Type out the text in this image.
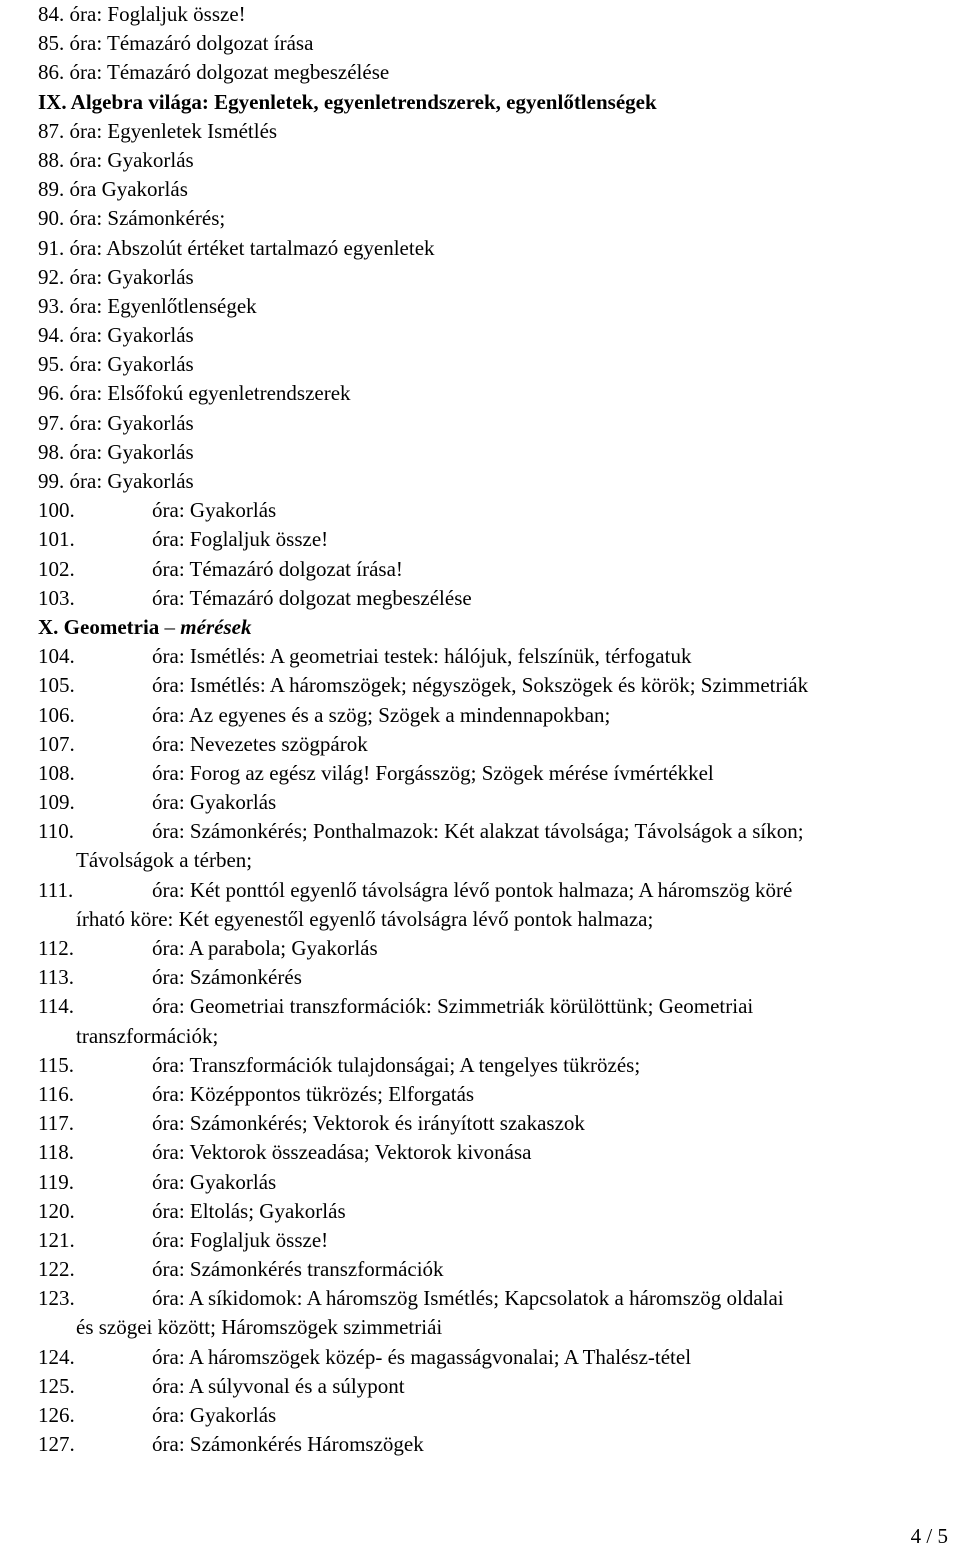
84. óra: Foglaljuk össze!
85. óra: Témazáró dolgozat írása
86. óra: Témazáró dolgozat megbeszélése
IX. Algebra világa: Egyenletek, egyenletrendszerek, egyenlőtlenségek
87. óra: Egyenletek Ismétlés
88. óra: Gyakorlás
89. óra Gyakorlás
90. óra: Számonkérés;
91. óra: Abszolút értéket tartalmazó egyenletek
92. óra: Gyakorlás
93. óra: Egyenlőtlenségek
94. óra: Gyakorlás
95. óra: Gyakorlás
96. óra: Elsőfokú egyenletrendszerek
97. óra: Gyakorlás
98. óra: Gyakorlás
99. óra: Gyakorlás
100.	óra: Gyakorlás
101.	óra: Foglaljuk össze!
102.	óra: Témazáró dolgozat írása!
103.	óra: Témazáró dolgozat megbeszélése
X. Geometria – mérések
104.	óra: Ismétlés: A geometriai testek: hálójuk, felszínük, térfogatuk
105.	óra: Ismétlés: A háromszögek; négyszögek, Sokszögek és körök; Szimmetriák
106.	óra: Az egyenes és a szög; Szögek a mindennapokban;
107.	óra: Nevezetes szögpárok
108.	óra: Forog az egész világ! Forgásszög; Szögek mérése ívmértékkel
109.	óra: Gyakorlás
110.	óra: Számonkérés; Ponthalmazok: Két alakzat távolsága; Távolságok a síkon;
Távolságok a térben;
111.	óra: Két ponttól egyenlő távolságra lévő pontok halmaza; A háromszög köré
írható köre: Két egyenestől egyenlő távolságra lévő pontok halmaza;
112.	óra: A parabola; Gyakorlás
113.	óra: Számonkérés
114.	óra: Geometriai transzformációk: Szimmetriák körülöttünk; Geometriai
transzformációk;
115.	óra: Transzformációk tulajdonságai; A tengelyes tükrözés;
116.	óra: Középpontos tükrözés; Elforgatás
117.	óra: Számonkérés; Vektorok és irányított szakaszok
118.	óra: Vektorok összeadása; Vektorok kivonása
119.	óra: Gyakorlás
120.	óra: Eltolás; Gyakorlás
121.	óra: Foglaljuk össze!
122.	óra: Számonkérés transzformációk
123.	óra: A síkidomok: A háromszög Ismétlés; Kapcsolatok a háromszög oldalai
és szögei között; Háromszögek szimmetriái
124.	óra: A háromszögek közép- és magasságvonalai; A Thalész-tétel
125.	óra: A súlyvonal és a súlypont
126.	óra: Gyakorlás
127.	óra: Számonkérés Háromszögek
4 / 5
